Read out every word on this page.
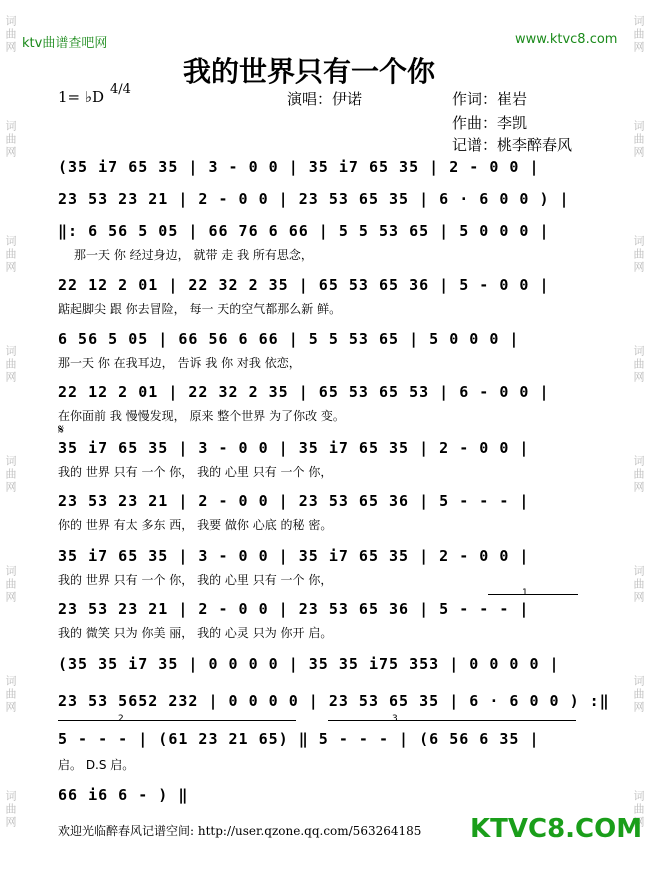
词曲网
词曲网
词曲网
词曲网
词曲网
词曲网
词曲网
词曲网
词曲网
词曲网
词曲网
词曲网
词曲网
词曲网
词曲网
词曲网
ktv曲谱查吧网	www.ktvc8.com
我的世界只有一个你
1= ♭D 4/4
演唱：伊诺	作词：崔岩
作曲：李凯
记谱：桃李醉春风
(35 i7 65 35 | 3 - 0 0 | 35 i7 65 35 | 2 - 0 0 |
23 53 23 21 | 2 - 0 0 | 23 53 65 35 | 6 · 6 0 0 ) |
‖: 6 56 5 05 | 66 76 6 66 | 5 5 53 65 | 5 0 0 0 |
那一天 你 经过身边， 就带 走 我 所有思念，
22 12 2 01 | 22 32 2 35 | 65 53 65 36 | 5 - 0 0 |
踮起脚尖 跟 你去冒险， 每一 天的空气都那么新 鲜。
6 56 5 05 | 66 56 6 66 | 5 5 53 65 | 5 0 0 0 |
那一天 你 在我耳边， 告诉 我 你 对我 依恋，
22 12 2 01 | 22 32 2 35 | 65 53 65 53 | 6 - 0 0 |
在你面前 我 慢慢发现， 原来 整个世界 为了你改 变。
𝄋
35 i7 65 35 | 3 - 0 0 | 35 i7 65 35 | 2 - 0 0 |
我的 世界 只有 一个 你， 我的 心里 只有 一个 你，
23 53 23 21 | 2 - 0 0 | 23 53 65 36 | 5 - - - |
你的 世界 有太 多东 西， 我要 做你 心底 的秘 密。
35 i7 65 35 | 3 - 0 0 | 35 i7 65 35 | 2 - 0 0 |
我的 世界 只有 一个 你， 我的 心里 只有 一个 你，
1
23 53 23 21 | 2 - 0 0 | 23 53 65 36 | 5 - - - |
我的 微笑 只为 你美 丽， 我的 心灵 只为 你开 启。
(35 35 i7 35 | 0 0 0 0 | 35 35 i75 353 | 0 0 0 0 |
23 53 5652 232 | 0 0 0 0 | 23 53 65 35 | 6 · 6 0 0 ) :‖
2	3
5 - - - | (61 23 21 65) ‖ 5 - - - | (6 56 6 35 |
启。 D.S 启。
66 i6 6 - ) ‖
欢迎光临醉春风记谱空间: http://user.qzone.qq.com/563264185 KTVC8.COM
